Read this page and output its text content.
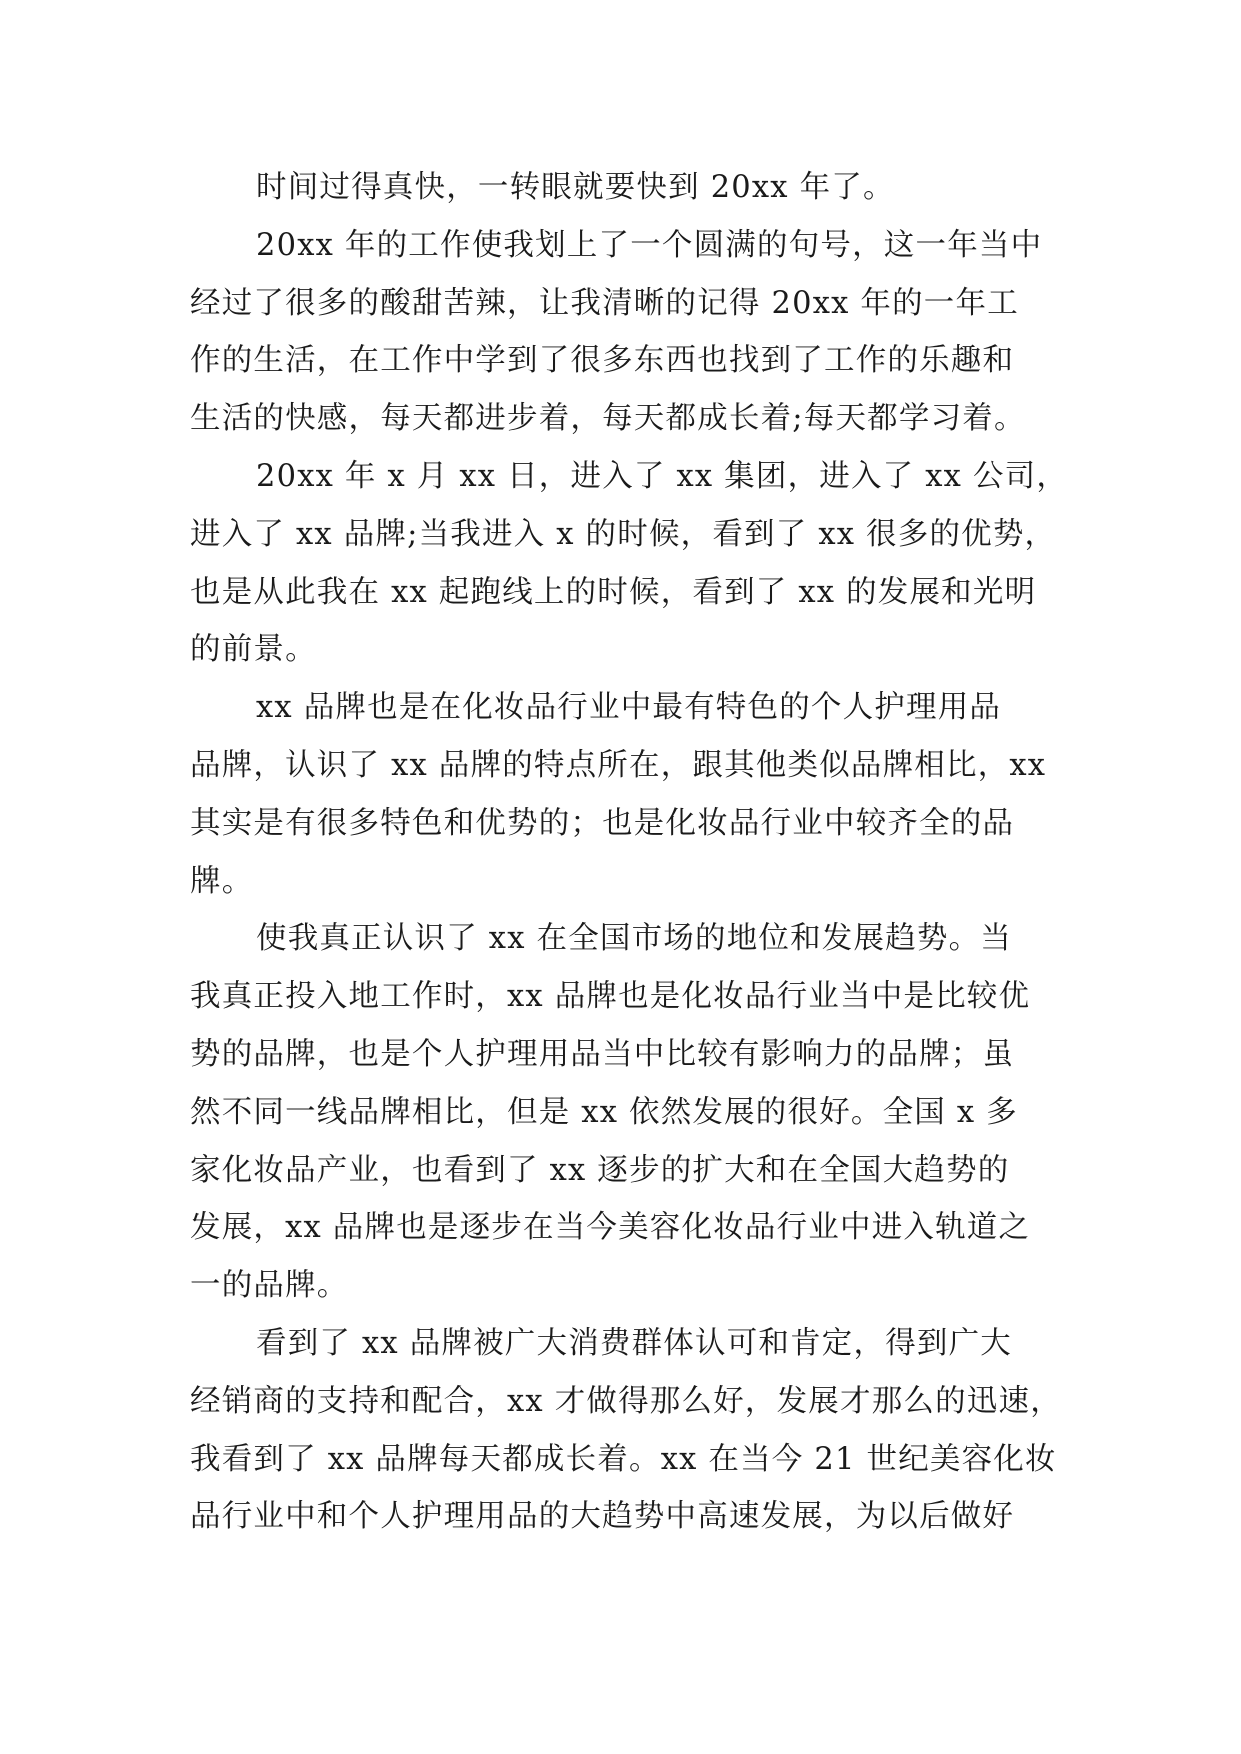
时间过得真快，一转眼就要快到 20xx 年了。
20xx 年的工作使我划上了一个圆满的句号，这一年当中
经过了很多的酸甜苦辣，让我清晰的记得 20xx 年的一年工
作的生活，在工作中学到了很多东西也找到了工作的乐趣和
生活的快感，每天都进步着，每天都成长着;每天都学习着。
20xx 年 x 月 xx 日，进入了 xx 集团，进入了 xx 公司，
进入了 xx 品牌;当我进入 x 的时候，看到了 xx 很多的优势，
也是从此我在 xx 起跑线上的时候，看到了 xx 的发展和光明
的前景。
xx 品牌也是在化妆品行业中最有特色的个人护理用品
品牌，认识了 xx 品牌的特点所在，跟其他类似品牌相比，xx
其实是有很多特色和优势的；也是化妆品行业中较齐全的品
牌。
使我真正认识了 xx 在全国市场的地位和发展趋势。当
我真正投入地工作时，xx 品牌也是化妆品行业当中是比较优
势的品牌，也是个人护理用品当中比较有影响力的品牌；虽
然不同一线品牌相比，但是 xx 依然发展的很好。全国 x 多
家化妆品产业，也看到了 xx 逐步的扩大和在全国大趋势的
发展，xx 品牌也是逐步在当今美容化妆品行业中进入轨道之
一的品牌。
看到了 xx 品牌被广大消费群体认可和肯定，得到广大
经销商的支持和配合，xx 才做得那么好，发展才那么的迅速，
我看到了 xx 品牌每天都成长着。xx 在当今 21 世纪美容化妆
品行业中和个人护理用品的大趋势中高速发展，为以后做好
